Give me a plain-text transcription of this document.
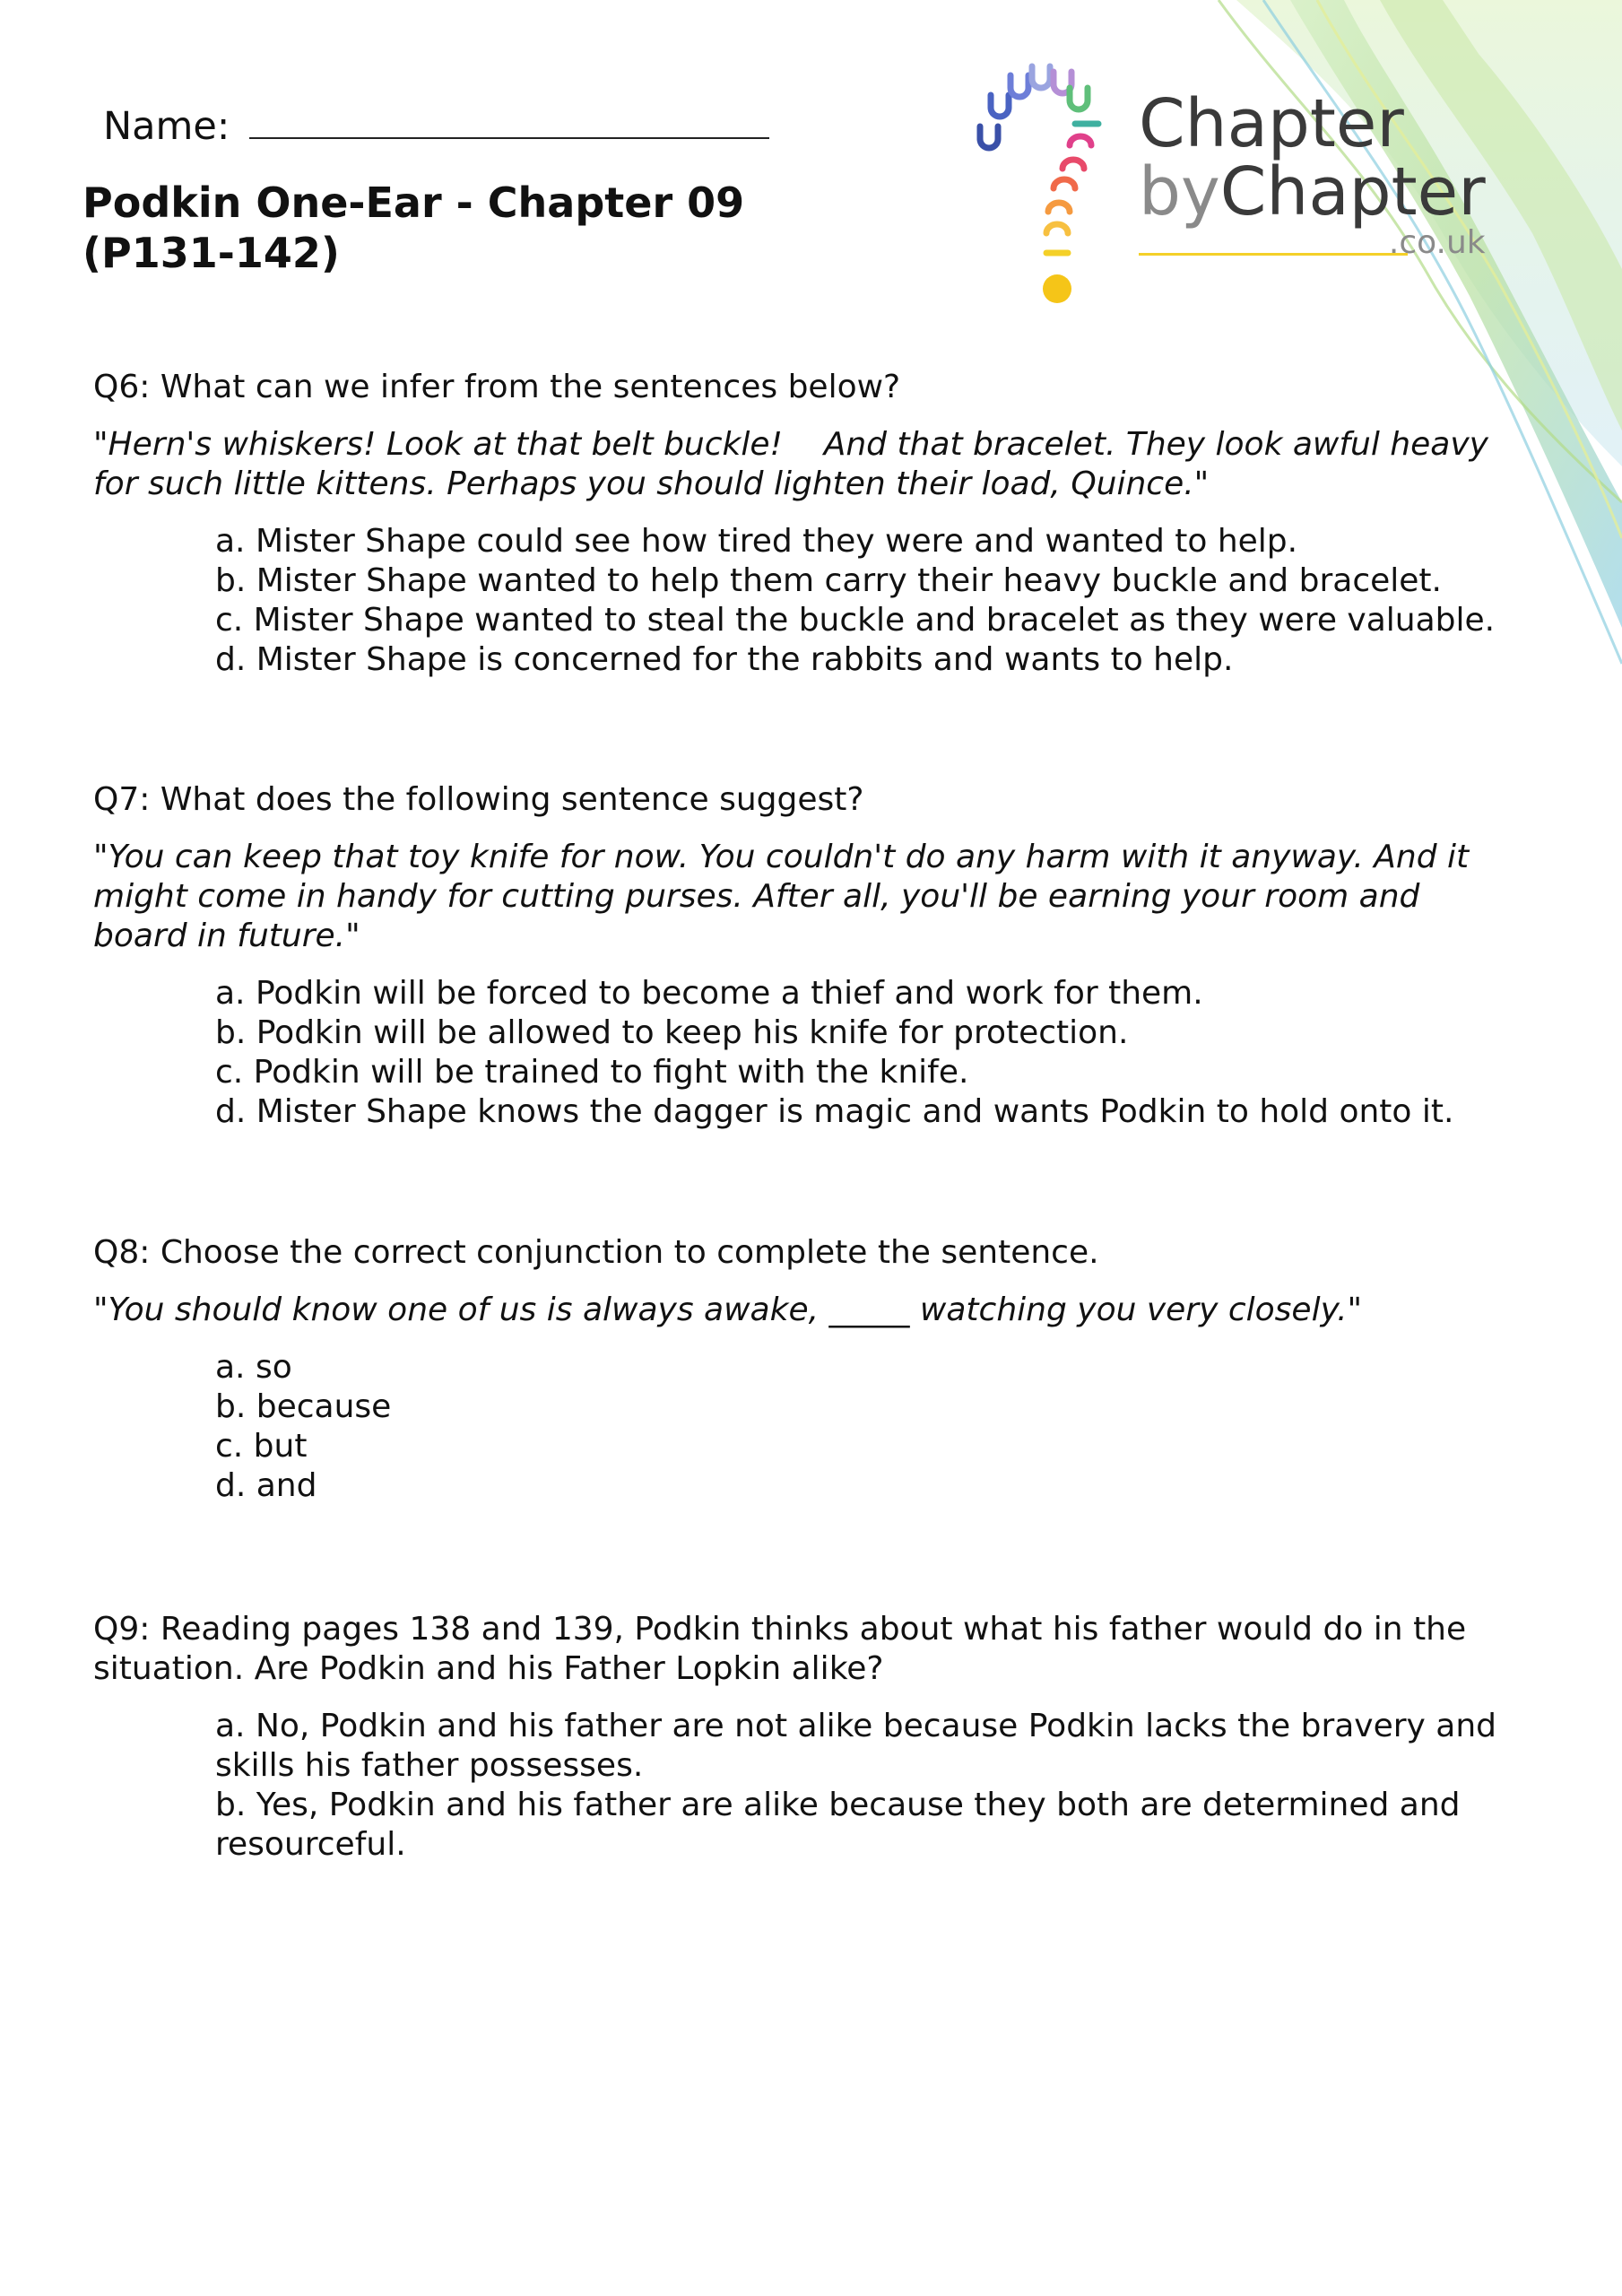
Name:
Podkin One-Ear - Chapter 09 (P131-142)
Chapter
byChapter
.co.uk
Q6: What can we infer from the sentences below?
"Hern's whiskers! Look at that belt buckle!    And that bracelet. They look awful heavy for such little kittens. Perhaps you should lighten their load, Quince."
a. Mister Shape could see how tired they were and wanted to help.
b. Mister Shape wanted to help them carry their heavy buckle and bracelet.
c. Mister Shape wanted to steal the buckle and bracelet as they were valuable.
d. Mister Shape is concerned for the rabbits and wants to help.
Q7: What does the following sentence suggest?
"You can keep that toy knife for now. You couldn't do any harm with it anyway. And it might come in handy for cutting purses. After all, you'll be earning your room and board in future."
a. Podkin will be forced to become a thief and work for them.
b. Podkin will be allowed to keep his knife for protection.
c. Podkin will be trained to fight with the knife.
d. Mister Shape knows the dagger is magic and wants Podkin to hold onto it.
Q8: Choose the correct conjunction to complete the sentence.
"You should know one of us is always awake, _____ watching you very closely."
a. so
b. because
c. but
d. and
Q9: Reading pages 138 and 139, Podkin thinks about what his father would do in the situation. Are Podkin and his Father Lopkin alike?
a. No, Podkin and his father are not alike because Podkin lacks the bravery and skills his father possesses.
b. Yes, Podkin and his father are alike because they both are determined and resourceful.
